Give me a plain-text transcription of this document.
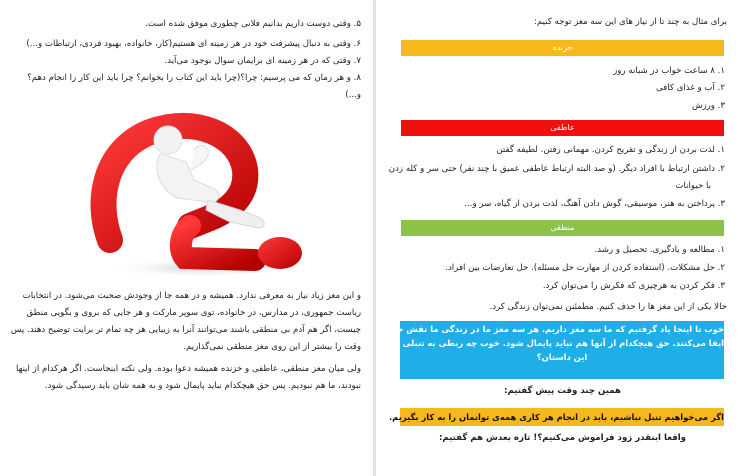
۵. وقتی دوست داریم بدانیم فلانی چطوری موفق شده است.
۶. وقتی به دنبال پیشرفت خود در هر زمینه ای هستیم(کار، خانواده، بهبود فردی، ارتباطات و...)
۷. وقتی که در هر زمینه ای برایمان سوال بوجود می‌آید.
۸. و هر زمان که می پرسیم: چرا؟(چرا باید این کتاب را بخوانم؟ چرا باید این کار را انجام دهم؟
و...)
و این مغز زیاد نیاز به معرفی ندارد. همیشه و در همه جا از وجودش صحبت می‌شود. در انتخابات
ریاست جمهوری، در مدارس، در خانواده، توی سوپر مارکت و هر جایی که بروی و بگویی منطق
چیست، اگر هم آدم بی منطقی باشند می‌توانند آنرا به زیبایی هر چه تمام تر برایت توضیح دهند. پس
وقت را بیشتر از این روی مغز منطقی نمی‌گذاریم.
ولی میان مغز منطقی، عاطفی و خزنده همیشه دعوا بوده. ولی نکته اینجاست. اگر هرکدام از اینها
نبودند، ما هم نبودیم. پس حق هیچکدام نباید پایمال شود و به همه شان باید رسیدگی شود.
برای مثال به چند تا از نیاز های این سه مغز توجه کنیم:
خزنده
۱. ۸ ساعت خواب در شبانه روز
۲. آب و غذای کافی
۳. ورزش
عاطفی
۱. لذت بردن از زندگی و تفریح کردن. مهمانی رفتن. لطیفه گفتن
۲. داشتن ارتباط با افراد دیگر. (و صد البته ارتباط عاطفی عمیق با چند نفر) حتی سر و کله زدن
با حیوانات
۳. پرداختن به هنر، موسیقی، گوش دادن آهنگ، لذت بردن از گیاه، سر و...
منطقی
۱. مطالعه و یادگیری. تحصیل و رشد.
۲. حل مشکلات. (استفاده کردن از مهارت حل مسئله). حل تعارضات بین افراد.
۳. فکر کردن به هرچیزی که فکرش را می‌توان کرد.
حالا یکی از این مغز ها را حذف کنیم. مطمئنن نمی‌توان زندگی کرد.
خوب تا اینجا یاد گرفتیم که ما سه مغز داریم. هر سه مغز ما در زندگی ما نقش حیاتی
ایفا می‌کنند. حق هیچکدام از آنها هم نباید پایمال شود. خوب چه ربطی به تنبلی داره
این داستان؟
همین چند وقت پیش گفتیم:
اگر می‌خواهیم تنبل نباشیم، باید در انجام هر کاری همه‌ی توانمان را به کار بگیریم.
واقعا اینقدر زود فراموش می‌کنیم؟! تازه بعدش هم گفتیم:
